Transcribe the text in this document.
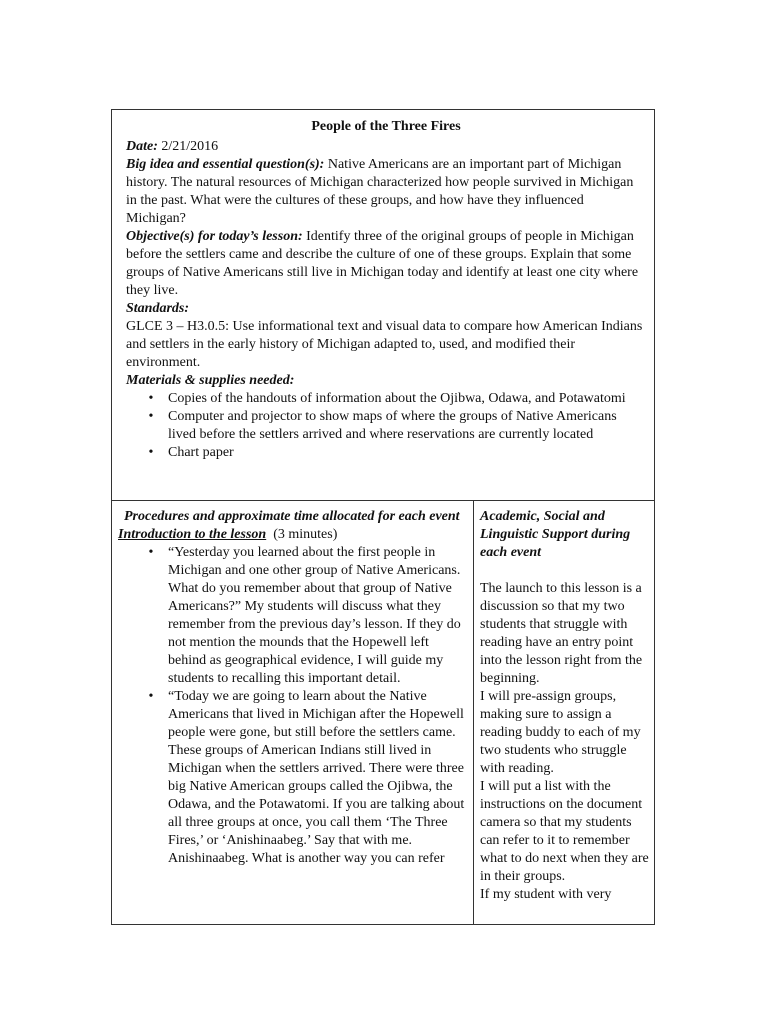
People of the Three Fires

Date: 2/21/2016

Big idea and essential question(s): Native Americans are an important part of Michigan history. The natural resources of Michigan characterized how people survived in Michigan in the past. What were the cultures of these groups, and how have they influenced Michigan?

Objective(s) for today’s lesson: Identify three of the original groups of people in Michigan before the settlers came and describe the culture of one of these groups. Explain that some groups of Native Americans still live in Michigan today and identify at least one city where they live.

Standards:

GLCE 3 – H3.0.5: Use informational text and visual data to compare how American Indians and settlers in the early history of Michigan adapted to, used, and modified their environment.

Materials & supplies needed:

• Copies of the handouts of information about the Ojibwa, Odawa, and Potawatomi
• Computer and projector to show maps of where the groups of Native Americans lived before the settlers arrived and where reservations are currently located
• Chart paper

Procedures and approximate time allocated for each event

Introduction to the lesson  (3 minutes)

• “Yesterday you learned about the first people in Michigan and one other group of Native Americans. What do you remember about that group of Native Americans?” My students will discuss what they remember from the previous day’s lesson. If they do not mention the mounds that the Hopewell left behind as geographical evidence, I will guide my students to recalling this important detail.
• “Today we are going to learn about the Native Americans that lived in Michigan after the Hopewell people were gone, but still before the settlers came. These groups of American Indians still lived in Michigan when the settlers arrived. There were three big Native American groups called the Ojibwa, the Odawa, and the Potawatomi. If you are talking about all three groups at once, you call them ‘The Three Fires,’ or ‘Anishinaabeg.’ Say that with me. Anishinaabeg. What is another way you can refer

Academic, Social and Linguistic Support during each event

The launch to this lesson is a discussion so that my two students that struggle with reading have an entry point into the lesson right from the beginning.

I will pre-assign groups, making sure to assign a reading buddy to each of my two students who struggle with reading.

I will put a list with the instructions on the document camera so that my students can refer to it to remember what to do next when they are in their groups.

If my student with very
